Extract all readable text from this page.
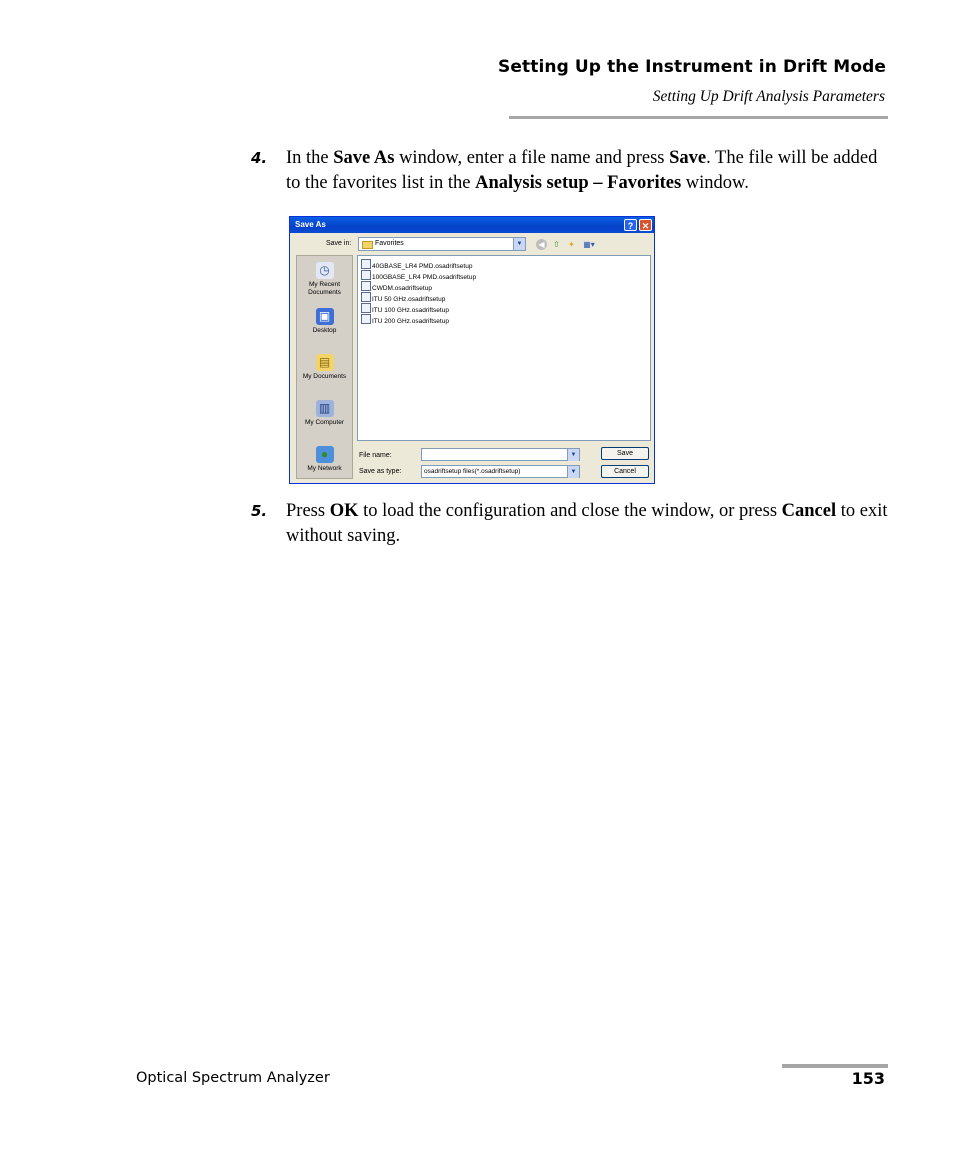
Setting Up the Instrument in Drift Mode
Setting Up Drift Analysis Parameters
4.	In the Save As window, enter a file name and press Save. The file will be added to the favorites list in the Analysis setup – Favorites window.
Save As	? ✕
Save in:	Favorites	▼	◀	⇧ ✦ ▦▾
◷
My Recent Documents
▣
Desktop
▤
My Documents
▥
My Computer
●
My Network
40GBASE_LR4 PMD.osadriftsetup
100GBASE_LR4 PMD.osadriftsetup
CWDM.osadriftsetup
ITU 50 GHz.osadriftsetup
ITU 100 GHz.osadriftsetup
ITU 200 GHz.osadriftsetup
File name:	▼
Save as type:	osadriftsetup files(*.osadriftsetup)	▼
Save
Cancel
5.	Press OK to load the configuration and close the window, or press Cancel to exit without saving.
Optical Spectrum Analyzer	153
